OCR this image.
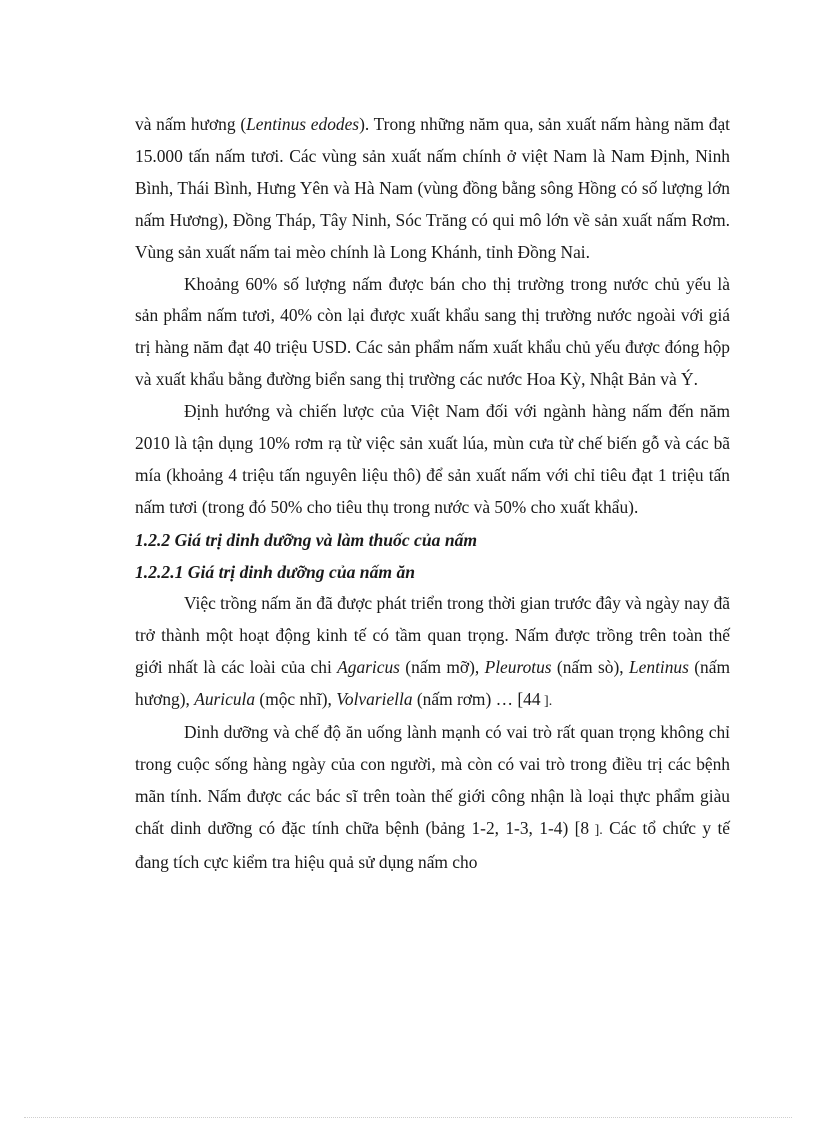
và nấm hương (Lentinus edodes). Trong những năm qua, sản xuất nấm hàng năm đạt 15.000 tấn nấm tươi. Các vùng sản xuất nấm chính ở việt Nam là Nam Định, Ninh Bình, Thái Bình, Hưng Yên và Hà Nam (vùng đồng bằng sông Hồng có số lượng lớn nấm Hương), Đồng Tháp, Tây Ninh, Sóc Trăng có qui mô lớn về sản xuất nấm Rơm. Vùng sản xuất nấm tai mèo chính là Long Khánh, tỉnh Đồng Nai.

Khoảng 60% số lượng nấm được bán cho thị trường trong nước chủ yếu là sản phẩm nấm tươi, 40% còn lại được xuất khẩu sang thị trường nước ngoài với giá trị hàng năm đạt 40 triệu USD. Các sản phẩm nấm xuất khẩu chủ yếu được đóng hộp và xuất khẩu bằng đường biển sang thị trường các nước Hoa Kỳ, Nhật Bản và Ý.

Định hướng và chiến lược của Việt Nam đối với ngành hàng nấm đến năm 2010 là tận dụng 10% rơm rạ từ việc sản xuất lúa, mùn cưa từ chế biến gỗ và các bã mía (khoảng 4 triệu tấn nguyên liệu thô) để sản xuất nấm với chỉ tiêu đạt 1 triệu tấn nấm tươi (trong đó 50% cho tiêu thụ trong nước và 50% cho xuất khẩu).

1.2.2 Giá trị dinh dưỡng và làm thuốc của nấm
1.2.2.1 Giá trị dinh dưỡng của nấm ăn

Việc trồng nấm ăn đã được phát triển trong thời gian trước đây và ngày nay đã trở thành một hoạt động kinh tế có tầm quan trọng. Nấm được trồng trên toàn thế giới nhất là các loài của chi Agaricus (nấm mỡ), Pleurotus (nấm sò), Lentinus (nấm hương), Auricula (mộc nhĩ), Volvariella (nấm rơm) … [44 ].

Dinh dưỡng và chế độ ăn uống lành mạnh có vai trò rất quan trọng không chỉ trong cuộc sống hàng ngày của con người, mà còn có vai trò trong điều trị các bệnh mãn tính. Nấm được các bác sĩ trên toàn thế giới công nhận là loại thực phẩm giàu chất dinh dưỡng có đặc tính chữa bệnh (bảng 1-2, 1-3, 1-4) [8 ]. Các tổ chức y tế đang tích cực kiểm tra hiệu quả sử dụng nấm cho
